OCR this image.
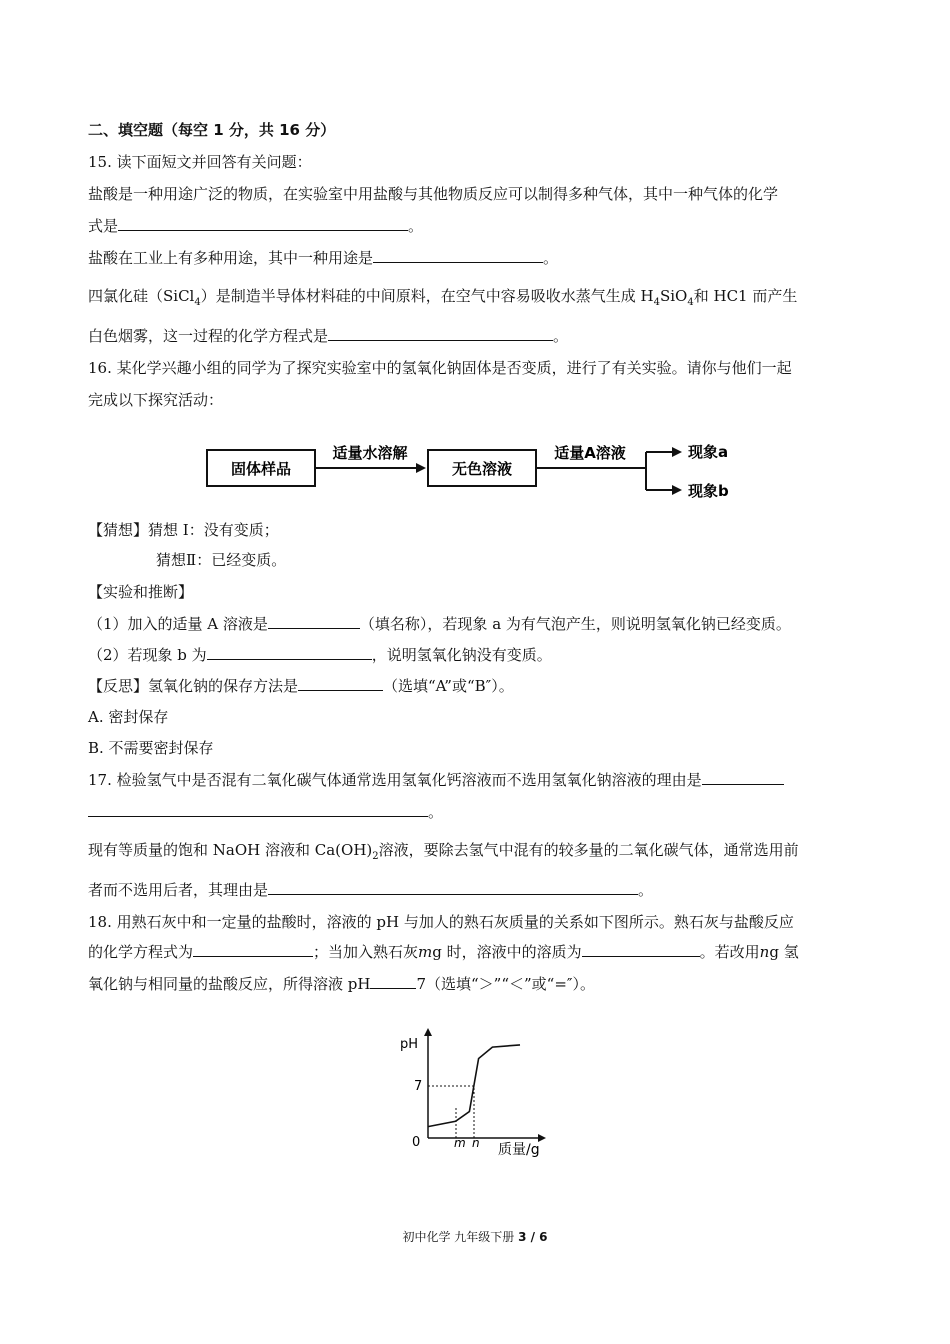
二、填空题（每空 1 分，共 16 分）
15. 读下面短文并回答有关问题：
盐酸是一种用途广泛的物质，在实验室中用盐酸与其他物质反应可以制得多种气体，其中一种气体的化学
式是	。
盐酸在工业上有多种用途，其中一种用途是	。
四氯化硅（SiCl$_4$）是制造半导体材料硅的中间原料，在空气中容易吸收水蒸气生成 $H_4SiO_4$和 HC1 而产生
白色烟雾，这一过程的化学方程式是	。
16. 某化学兴趣小组的同学为了探究实验室中的氢氧化钠固体是否变质，进行了有关实验。请你与他们一起
完成以下探究活动：
固体样品
适量水溶解
无色溶液
适量A溶液	现象a
现象b
【猜想】猜想 I：没有变质；
猜想Ⅱ：已经变质。
【实验和推断】
（1）加入的适量 A 溶液是	（填名称），若现象 a 为有气泡产生，则说明氢氧化钠已经变质。
（2）若现象 b 为	，说明氢氧化钠没有变质。
【反思】氢氧化钠的保存方法是	（选填“A”或“B″）。
A. 密封保存
B. 不需要密封保存
17. 检验氢气中是否混有二氧化碳气体通常选用氢氧化钙溶液而不选用氢氧化钠溶液的理由是
。
现有等质量的饱和 NaOH 溶液和 $Ca(OH)_2$溶液，要除去氢气中混有的较多量的二氧化碳气体，通常选用前
者而不选用后者，其理由是	。
18. 用熟石灰中和一定量的盐酸时，溶液的 pH 与加人的熟石灰质量的关系如下图所示。熟石灰与盐酸反应
的化学方程式为	；当加入熟石灰mg 时，溶液中的溶质为	。若改用ng 氢
氧化钠与相同量的盐酸反应，所得溶液 pH	7（选填“＞”“＜”或“=″）。
pH
7
0	m n 质量/g
初中化学 九年级下册 3 / 6
